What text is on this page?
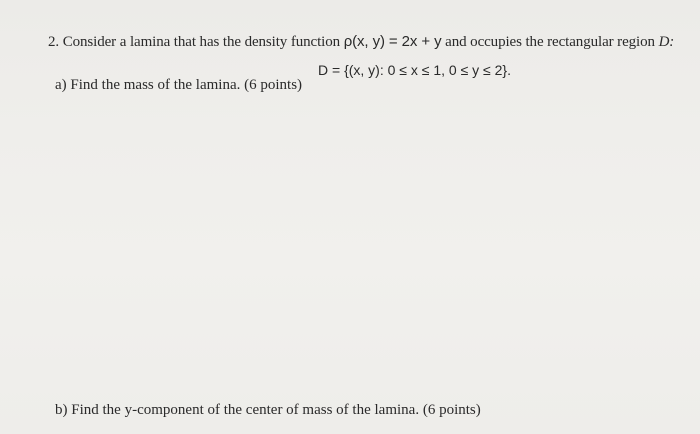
2. Consider a lamina that has the density function ρ(x, y) = 2x + y and occupies the rectangular region D:
D = {(x, y): 0 ≤ x ≤ 1, 0 ≤ y ≤ 2}.
a) Find the mass of the lamina. (6 points)
b) Find the y-component of the center of mass of the lamina. (6 points)
